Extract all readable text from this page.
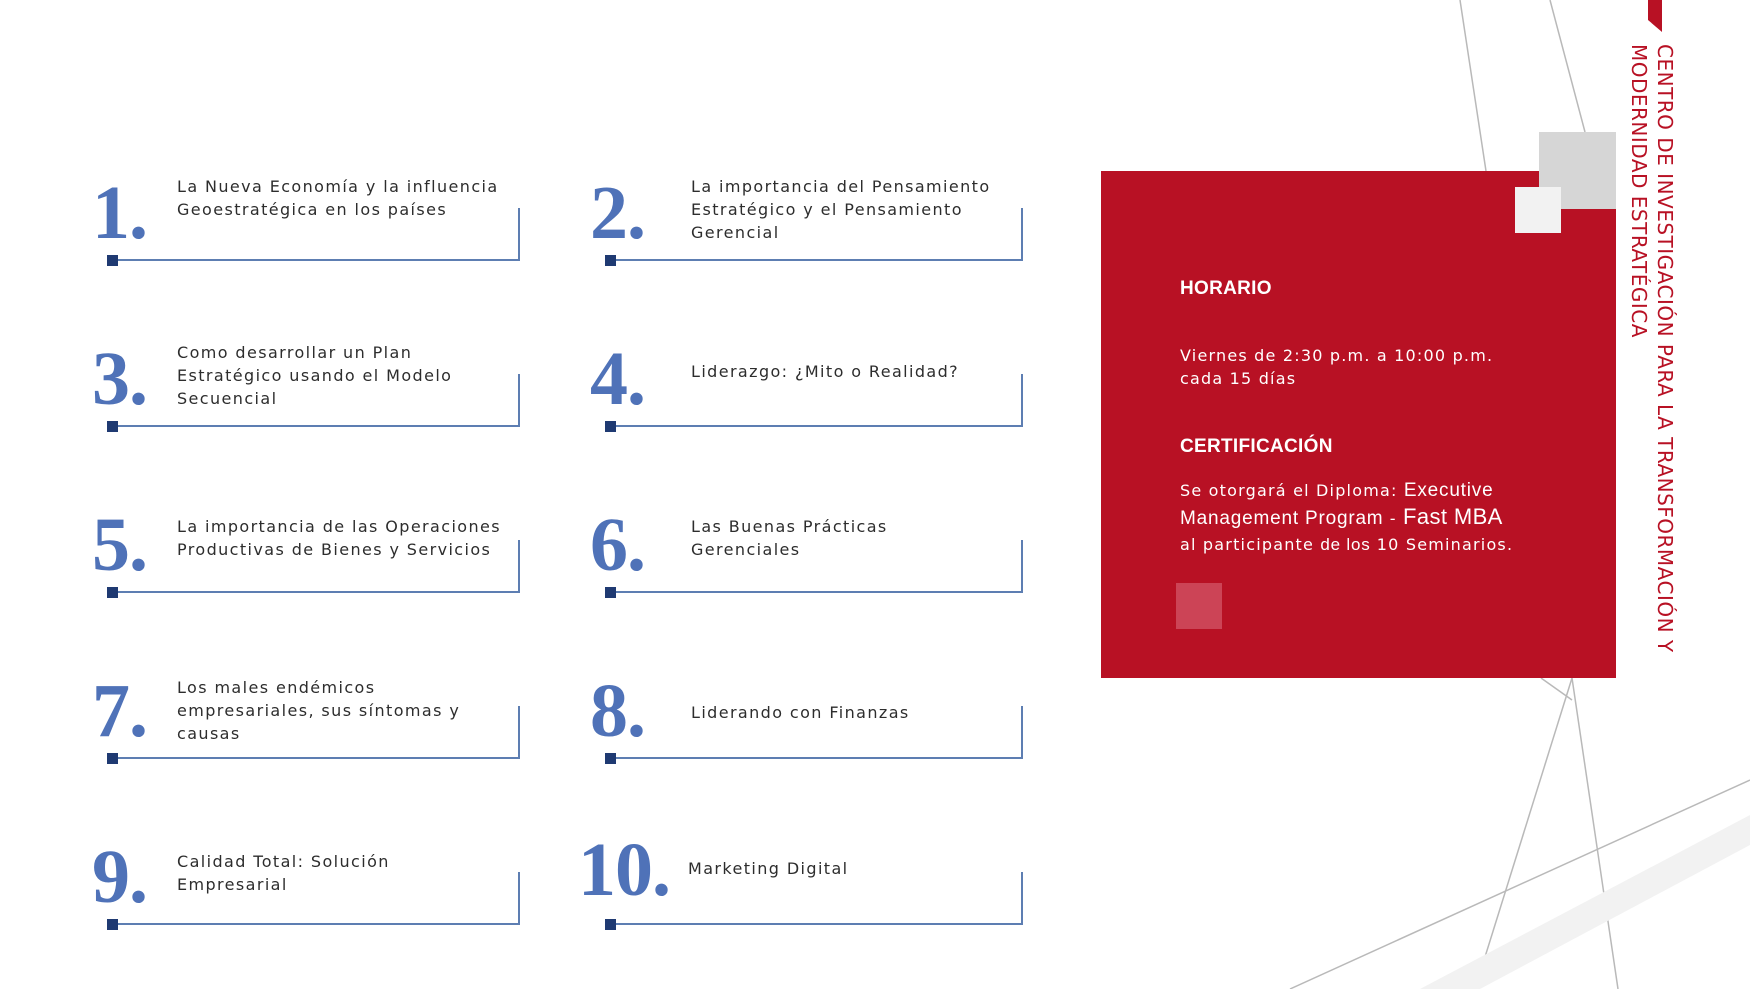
CENTRO DE INVESTIGACIÓN PARA LA TRANSFORMACIÓN Y MODERNIDAD ESTRATÉGICA
1. La Nueva Economía y la influencia Geoestratégica en los países	2.	La importancia del Pensamiento Estratégico y el Pensamiento Gerencial
3. Como desarrollar un Plan Estratégico usando el Modelo Secuencial	4.	Liderazgo: ¿Mito o Realidad?
5. La importancia de las Operaciones Productivas de Bienes y Servicios 6.	Las Buenas Prácticas Gerenciales
7. Los males endémicos empresariales, sus síntomas y causas	8.	Liderando con Finanzas
9. Calidad Total: Solución Empresarial	10. Marketing Digital
HORARIO
Viernes de 2:30 p.m. a 10:00 p.m. cada 15 días
CERTIFICACIÓN
Se otorgará el Diploma: Executive Management Program - Fast MBA
al participante de los 10 Seminarios.
